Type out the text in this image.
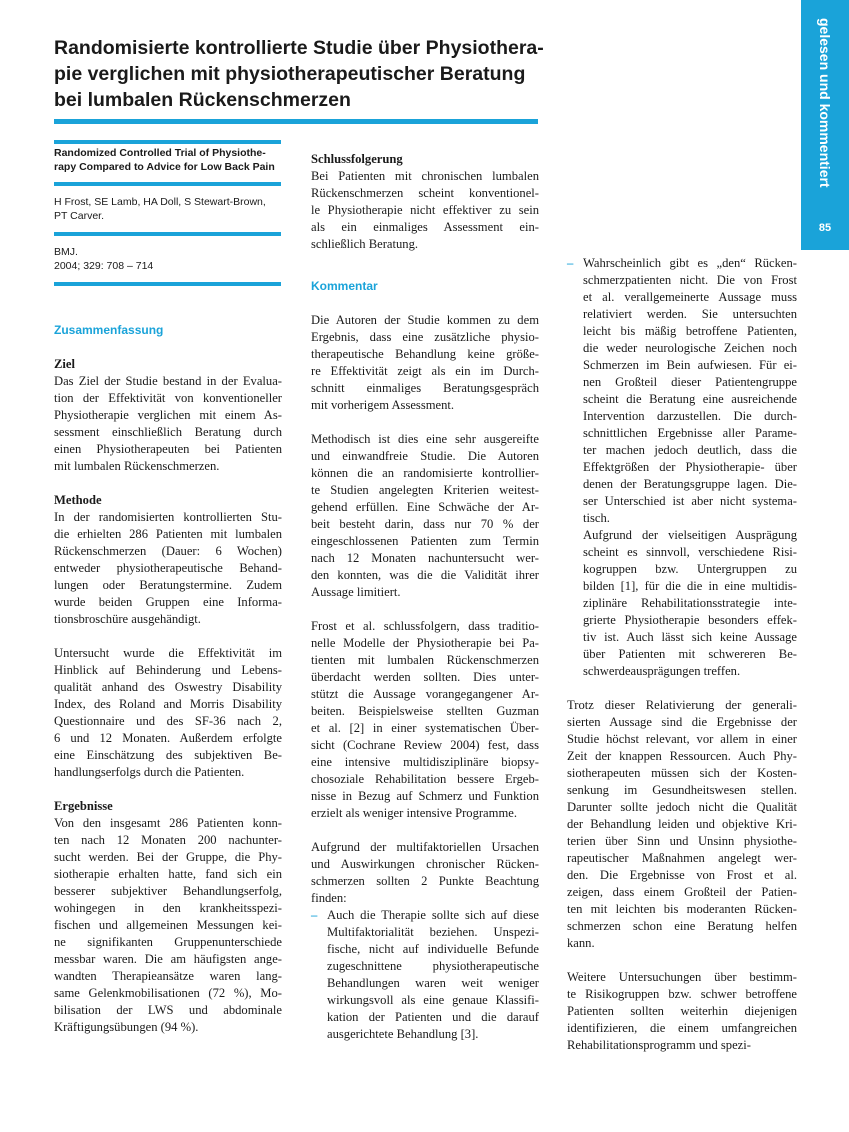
gelesen und kommentiert
85
Randomisierte kontrollierte Studie über Physiothera-
pie verglichen mit physiotherapeutischer Beratung
bei lumbalen Rückenschmerzen
Randomized Controlled Trial of Physiothe-
rapy Compared to Advice for Low Back Pain
H Frost, SE Lamb, HA Doll, S Stewart-Brown,
PT Carver.
BMJ.
2004; 329: 708 – 714
Zusammenfassung
Ziel
Das Ziel der Studie bestand in der Evalua-
tion der Effektivität von konventioneller
Physiotherapie verglichen mit einem As-
sessment einschließlich Beratung durch
einen Physiotherapeuten bei Patienten
mit lumbalen Rückenschmerzen.
Methode
In der randomisierten kontrollierten Stu-
die erhielten 286 Patienten mit lumbalen
Rückenschmerzen (Dauer: 6 Wochen)
entweder physiotherapeutische Behand-
lungen oder Beratungstermine. Zudem
wurde beiden Gruppen eine Informa-
tionsbroschüre ausgehändigt.
Untersucht wurde die Effektivität im
Hinblick auf Behinderung und Lebens-
qualität anhand des Oswestry Disability
Index, des Roland and Morris Disability
Questionnaire und des SF-36 nach 2,
6 und 12 Monaten. Außerdem erfolgte
eine Einschätzung des subjektiven Be-
handlungserfolgs durch die Patienten.
Ergebnisse
Von den insgesamt 286 Patienten konn-
ten nach 12 Monaten 200 nachunter-
sucht werden. Bei der Gruppe, die Phy-
siotherapie erhalten hatte, fand sich ein
besserer subjektiver Behandlungserfolg,
wohingegen in den krankheitsspezi-
fischen und allgemeinen Messungen kei-
ne signifikanten Gruppenunterschiede
messbar waren. Die am häufigsten ange-
wandten Therapieansätze waren lang-
same Gelenkmobilisationen (72 %), Mo-
bilisation der LWS und abdominale
Kräftigungsübungen (94 %).
Schlussfolgerung
Bei Patienten mit chronischen lumbalen
Rückenschmerzen scheint konventionel-
le Physiotherapie nicht effektiver zu sein
als ein einmaliges Assessment ein-
schließlich Beratung.
Kommentar
Die Autoren der Studie kommen zu dem
Ergebnis, dass eine zusätzliche physio-
therapeutische Behandlung keine größe-
re Effektivität zeigt als ein im Durch-
schnitt einmaliges Beratungsgespräch
mit vorherigem Assessment.
Methodisch ist dies eine sehr ausgereifte
und einwandfreie Studie. Die Autoren
können die an randomisierte kontrollier-
te Studien angelegten Kriterien weitest-
gehend erfüllen. Eine Schwäche der Ar-
beit besteht darin, dass nur 70 % der
eingeschlossenen Patienten zum Termin
nach 12 Monaten nachuntersucht wer-
den konnten, was die die Validität ihrer
Aussage limitiert.
Frost et al. schlussfolgern, dass traditio-
nelle Modelle der Physiotherapie bei Pa-
tienten mit lumbalen Rückenschmerzen
überdacht werden sollten. Dies unter-
stützt die Aussage vorangegangener Ar-
beiten. Beispielsweise stellten Guzman
et al. [2] in einer systematischen Über-
sicht (Cochrane Review 2004) fest, dass
eine intensive multidisziplinäre biopsy-
chosoziale Rehabilitation bessere Ergeb-
nisse in Bezug auf Schmerz und Funktion
erzielt als weniger intensive Programme.
Aufgrund der multifaktoriellen Ursachen
und Auswirkungen chronischer Rücken-
schmerzen sollten 2 Punkte Beachtung
finden:
– Auch die Therapie sollte sich auf diese
Multifaktorialität beziehen. Unspezi-
fische, nicht auf individuelle Befunde
zugeschnittene physiotherapeutische
Behandlungen waren weit weniger
wirkungsvoll als eine genaue Klassifi-
kation der Patienten und die darauf
ausgerichtete Behandlung [3].
– Wahrscheinlich gibt es „den“ Rücken-
schmerzpatienten nicht. Die von Frost
et al. verallgemeinerte Aussage muss
relativiert werden. Sie untersuchten
leicht bis mäßig betroffene Patienten,
die weder neurologische Zeichen noch
Schmerzen im Bein aufwiesen. Für ei-
nen Großteil dieser Patientengruppe
scheint die Beratung eine ausreichende
Intervention darzustellen. Die durch-
schnittlichen Ergebnisse aller Parame-
ter machen jedoch deutlich, dass die
Effektgrößen der Physiotherapie- über
denen der Beratungsgruppe lagen. Die-
ser Unterschied ist aber nicht systema-
tisch.
Aufgrund der vielseitigen Ausprägung
scheint es sinnvoll, verschiedene Risi-
kogruppen bzw. Untergruppen zu
bilden [1], für die die in eine multidis-
ziplinäre Rehabilitationsstrategie inte-
grierte Physiotherapie besonders effek-
tiv ist. Auch lässt sich keine Aussage
über Patienten mit schwereren Be-
schwerdeausprägungen treffen.
Trotz dieser Relativierung der generali-
sierten Aussage sind die Ergebnisse der
Studie höchst relevant, vor allem in einer
Zeit der knappen Ressourcen. Auch Phy-
siotherapeuten müssen sich der Kosten-
senkung im Gesundheitswesen stellen.
Darunter sollte jedoch nicht die Qualität
der Behandlung leiden und objektive Kri-
terien über Sinn und Unsinn physiothe-
rapeutischer Maßnahmen angelegt wer-
den. Die Ergebnisse von Frost et al.
zeigen, dass einem Großteil der Patien-
ten mit leichten bis moderanten Rücken-
schmerzen schon eine Beratung helfen
kann.
Weitere Untersuchungen über bestimm-
te Risikogruppen bzw. schwer betroffene
Patienten sollten weiterhin diejenigen
identifizieren, die einem umfangreichen
Rehabilitationsprogramm und spezi-
